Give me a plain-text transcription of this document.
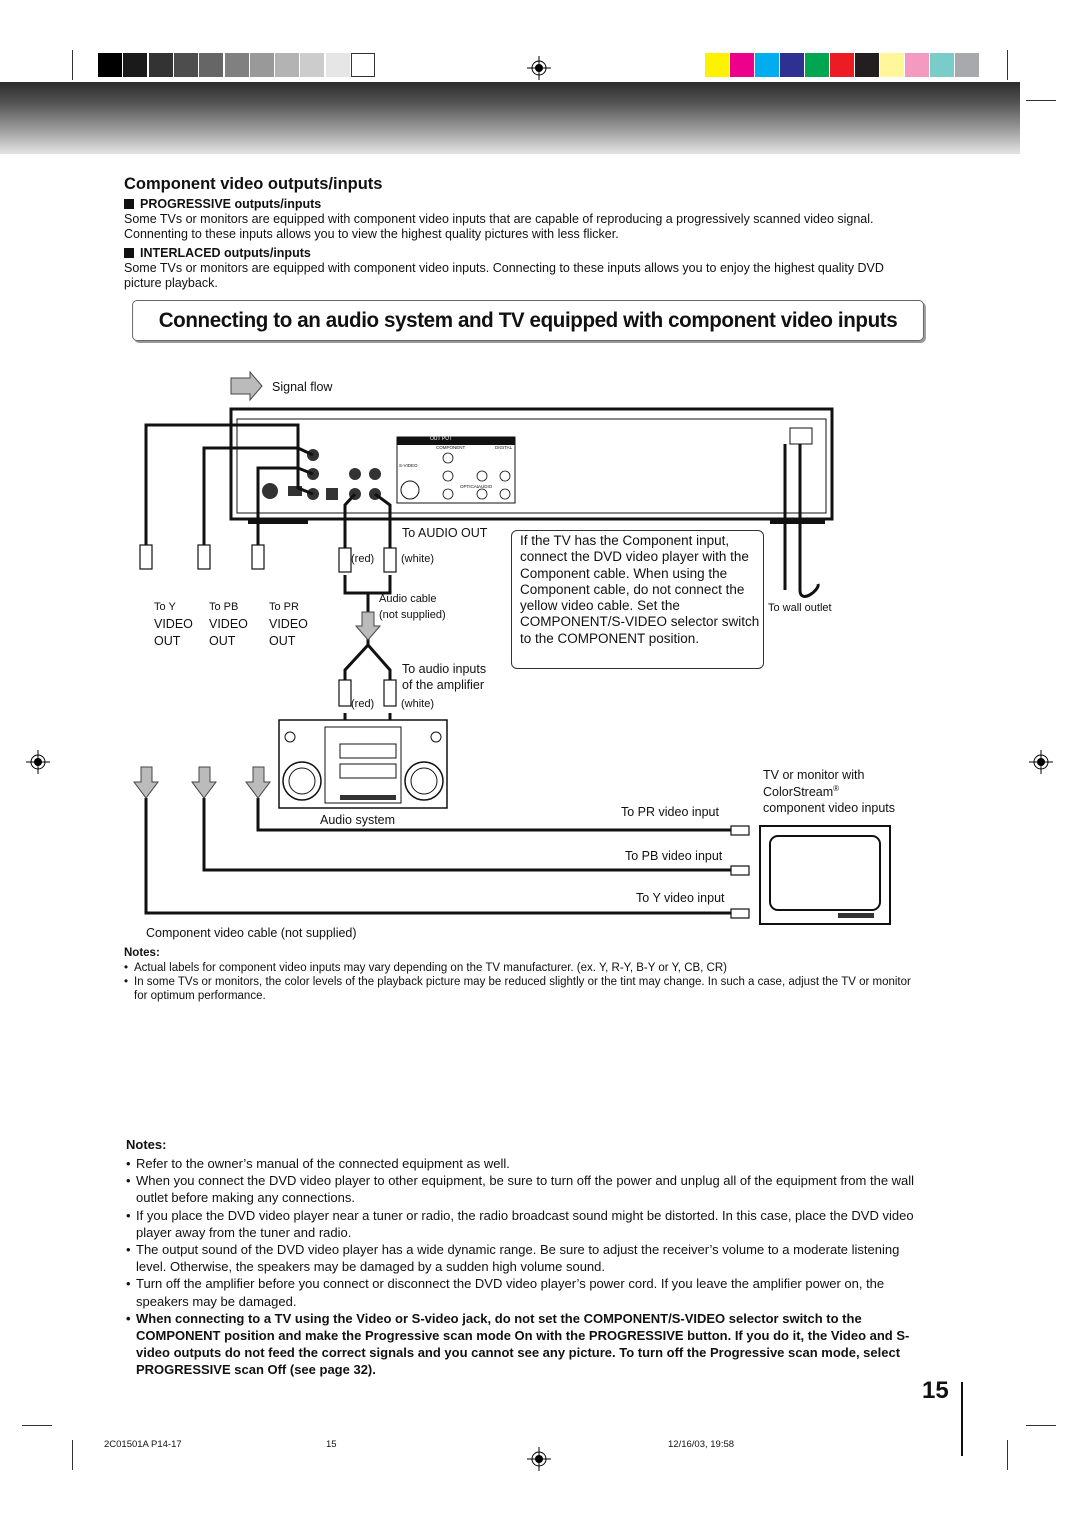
Component video outputs/inputs
PROGRESSIVE outputs/inputs
Some TVs or monitors are equipped with component video inputs that are capable of reproducing a progressively scanned video signal. Connenting to these inputs allows you to view the highest quality pictures with less flicker.
INTERLACED outputs/inputs
Some TVs or monitors are equipped with component video inputs. Connecting to these inputs allows you to enjoy the highest quality DVD picture playback.
Connecting to an audio system and TV equipped with component video inputs
Signal flow
OUT PUT
COMPONENT	DIGITAL
S-VIDEO
OPTICAL
AUDIO
To AUDIO OUT
(red) (white)
Audio cable
(not supplied)
To audio inputs
of the amplifier
(red) (white)
To Y	To PB	To PR
VIDEO VIDEO VIDEO
OUT OUT	OUT
If the TV has the Component input, connect the DVD video player with the Component cable. When using the Component cable, do not connect the yellow video cable. Set the COMPONENT/S-VIDEO selector switch to the COMPONENT position.
To wall outlet
TV or monitor with
ColorStream®
component video inputs
Audio system
To PR video input
To PB video input
To Y video input
Component video cable (not supplied)
Notes:
• Actual labels for component video inputs may vary depending on the TV manufacturer. (ex. Y, R-Y, B-Y or Y, CB, CR)
• In some TVs or monitors, the color levels of the playback picture may be reduced slightly or the tint may change. In such a case, adjust the TV or monitor for optimum performance.
Notes:
• Refer to the owner’s manual of the connected equipment as well.
• When you connect the DVD video player to other equipment, be sure to turn off the power and unplug all of the equipment from the wall outlet before making any connections.
• If you place the DVD video player near a tuner or radio, the radio broadcast sound might be distorted. In this case, place the DVD video player away from the tuner and radio.
• The output sound of the DVD video player has a wide dynamic range. Be sure to adjust the receiver’s volume to a moderate listening level. Otherwise, the speakers may be damaged by a sudden high volume sound.
• Turn off the amplifier before you connect or disconnect the DVD video player’s power cord. If you leave the amplifier power on, the speakers may be damaged.
• When connecting to a TV using the Video or S-video jack, do not set the COMPONENT/S-VIDEO selector switch to the COMPONENT position and make the Progressive scan mode On with the PROGRESSIVE button. If you do it, the Video and S-video outputs do not feed the correct signals and you cannot see any picture. To turn off the Progressive scan mode, select PROGRESSIVE scan Off (see page 32).
15
2C01501A P14-17	15	12/16/03, 19:58
